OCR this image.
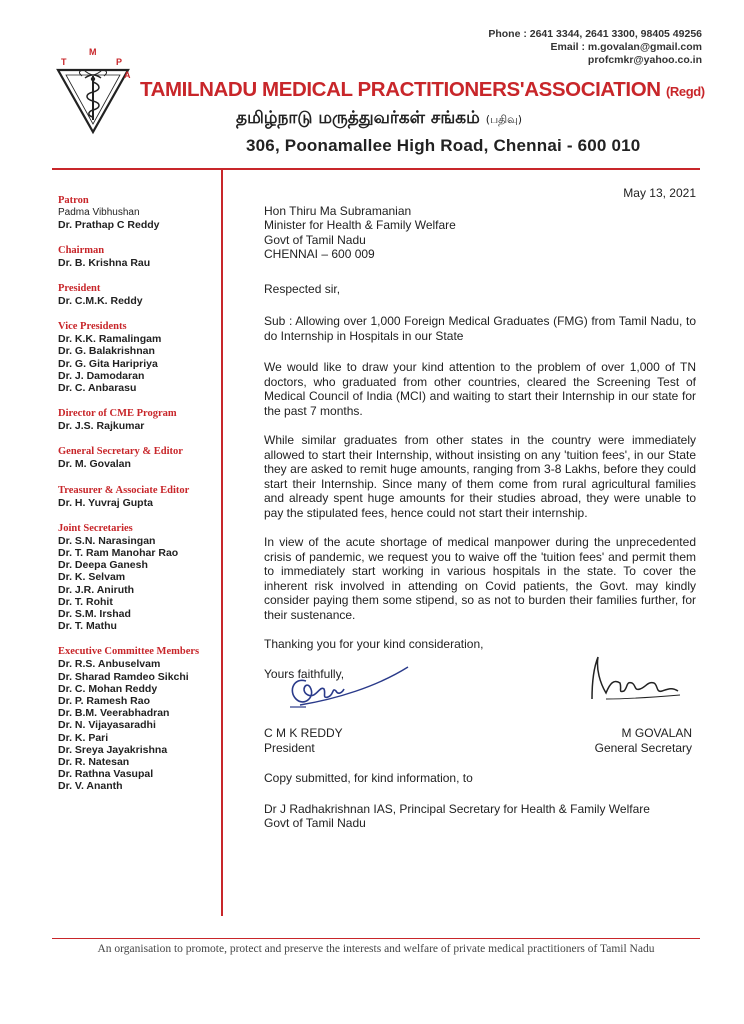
Phone : 2641 3344, 2641 3300, 98405 49256
Email : m.govalan@gmail.com
profcmkr@yahoo.co.in
T
M
P
A
TAMILNADU MEDICAL PRACTITIONERS'ASSOCIATION (Regd)
தமிழ்நாடு மருத்துவர்கள் சங்கம் (பதிவு)
306, Poonamallee High Road, Chennai - 600 010
Patron
Padma Vibhushan
Dr. Prathap C Reddy
Chairman
Dr. B. Krishna Rau
President
Dr. C.M.K. Reddy
Vice Presidents
Dr. K.K. Ramalingam
Dr. G. Balakrishnan
Dr. G. Gita Haripriya
Dr. J. Damodaran
Dr. C. Anbarasu
Director of CME Program
Dr. J.S. Rajkumar
General Secretary & Editor
Dr. M. Govalan
Treasurer & Associate Editor
Dr. H. Yuvraj Gupta
Joint Secretaries
Dr. S.N. Narasingan
Dr. T. Ram Manohar Rao
Dr. Deepa Ganesh
Dr. K. Selvam
Dr. J.R. Aniruth
Dr. T. Rohit
Dr. S.M. Irshad
Dr. T. Mathu
Executive Committee Members
Dr. R.S. Anbuselvam
Dr. Sharad Ramdeo Sikchi
Dr. C. Mohan Reddy
Dr. P. Ramesh Rao
Dr. B.M. Veerabhadran
Dr. N. Vijayasaradhi
Dr. K. Pari
Dr. Sreya Jayakrishna
Dr. R. Natesan
Dr. Rathna Vasupal
Dr. V. Ananth

May 13, 2021

Hon Thiru Ma Subramanian

Minister for Health & Family Welfare

Govt of Tamil Nadu

CHENNAI – 600 009

Respected sir,

Sub : Allowing over 1,000 Foreign Medical Graduates (FMG) from Tamil Nadu, to do Internship in Hospitals in our State

We would like to draw your kind attention to the problem of over 1,000 of TN doctors, who graduated from other countries, cleared the Screening Test of Medical Council of India (MCI) and waiting to start their Internship in our state for the past 7 months.

While similar graduates from other states in the country were immediately allowed to start their Internship, without insisting on any 'tuition fees', in our State they are asked to remit huge amounts, ranging from 3-8 Lakhs, before they could start their Internship. Since many of them come from rural agricultural families and already spent huge amounts for their studies abroad, they were unable to pay the stipulated fees, hence could not start their internship.

In view of the acute shortage of medical manpower during the unprecedented crisis of pandemic, we request you to waive off the 'tuition fees' and permit them to immediately start working in various hospitals in the state. To cover the inherent risk involved in attending on Covid patients, the Govt. may kindly consider paying them some stipend, so as not to burden their families further, for their sustenance.

Thanking you for your kind consideration,

Yours faithfully,

C M K REDDY
President
M GOVALAN
General Secretary

Copy submitted, for kind information, to

Dr J Radhakrishnan IAS, Principal Secretary for Health & Family Welfare

Govt of Tamil Nadu

An organisation to promote, protect and preserve the interests and welfare of private medical practitioners of Tamil Nadu
